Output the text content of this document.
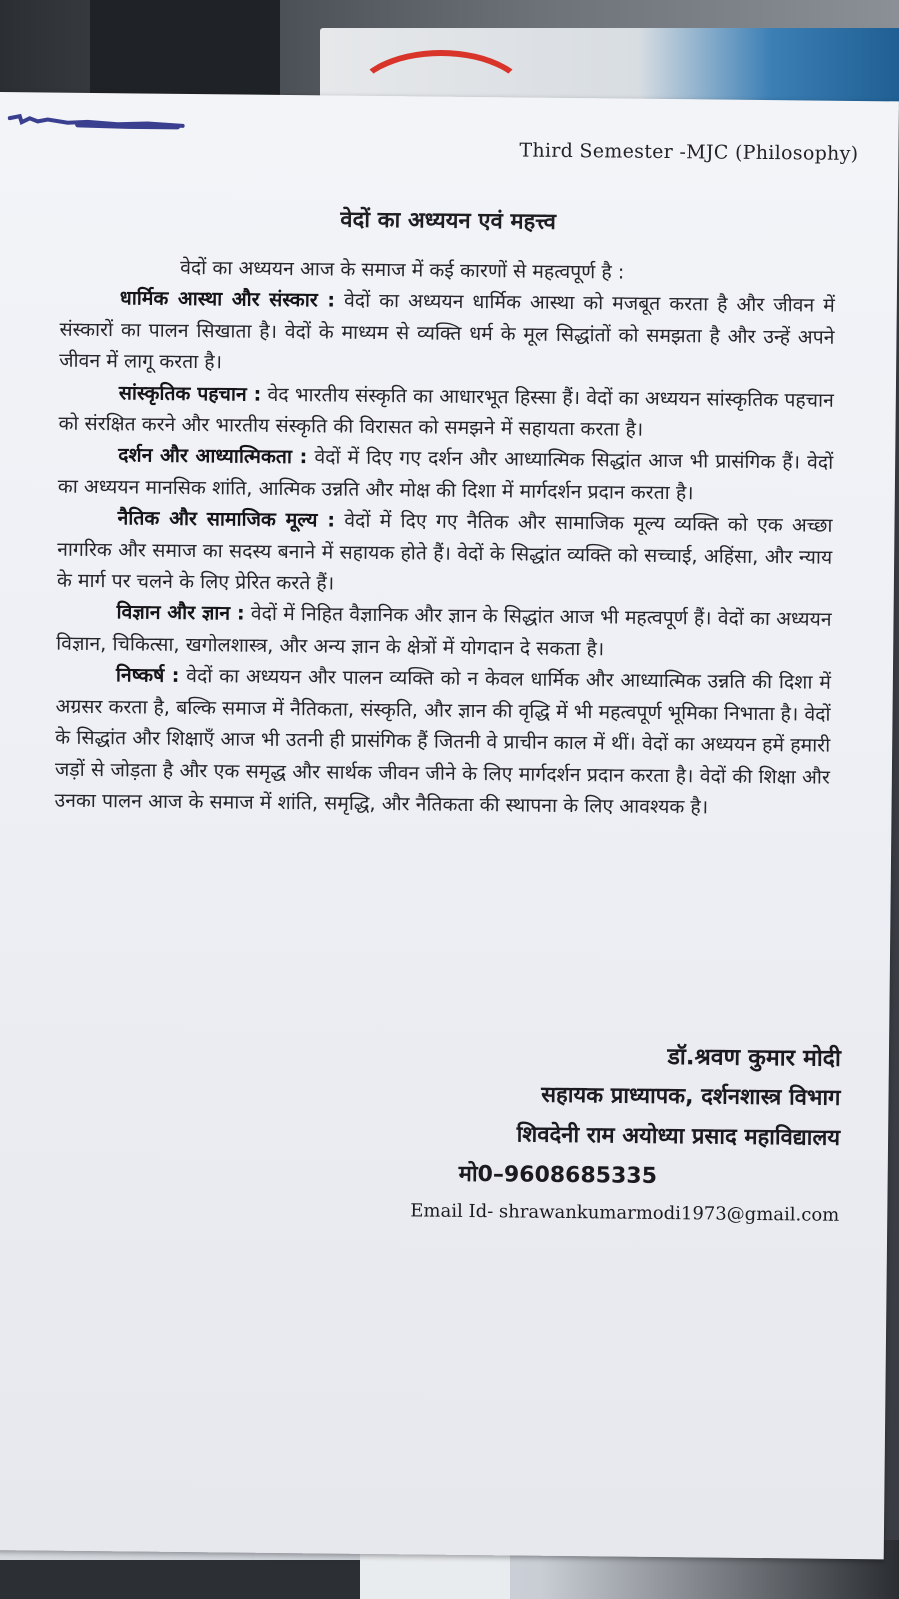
Third Semester -MJC (Philosophy)
वेदों का अध्ययन एवं महत्त्व

वेदों का अध्ययन आज के समाज में कई कारणों से महत्वपूर्ण है :

धार्मिक आस्था और संस्कार : वेदों का अध्ययन धार्मिक आस्था को मजबूत करता है और जीवन में संस्कारों का पालन सिखाता है। वेदों के माध्यम से व्यक्ति धर्म के मूल सिद्धांतों को समझता है और उन्हें अपने जीवन में लागू करता है।

सांस्कृतिक पहचान : वेद भारतीय संस्कृति का आधारभूत हिस्सा हैं। वेदों का अध्ययन सांस्कृतिक पहचान को संरक्षित करने और भारतीय संस्कृति की विरासत को समझने में सहायता करता है।

दर्शन और आध्यात्मिकता : वेदों में दिए गए दर्शन और आध्यात्मिक सिद्धांत आज भी प्रासंगिक हैं। वेदों का अध्ययन मानसिक शांति, आत्मिक उन्नति और मोक्ष की दिशा में मार्गदर्शन प्रदान करता है।

नैतिक और सामाजिक मूल्य : वेदों में दिए गए नैतिक और सामाजिक मूल्य व्यक्ति को एक अच्छा नागरिक और समाज का सदस्य बनाने में सहायक होते हैं। वेदों के सिद्धांत व्यक्ति को सच्चाई, अहिंसा, और न्याय के मार्ग पर चलने के लिए प्रेरित करते हैं।

विज्ञान और ज्ञान : वेदों में निहित वैज्ञानिक और ज्ञान के सिद्धांत आज भी महत्वपूर्ण हैं। वेदों का अध्ययन विज्ञान, चिकित्सा, खगोलशास्त्र, और अन्य ज्ञान के क्षेत्रों में योगदान दे सकता है।

निष्कर्ष : वेदों का अध्ययन और पालन व्यक्ति को न केवल धार्मिक और आध्यात्मिक उन्नति की दिशा में अग्रसर करता है, बल्कि समाज में नैतिकता, संस्कृति, और ज्ञान की वृद्धि में भी महत्वपूर्ण भूमिका निभाता है। वेदों के सिद्धांत और शिक्षाएँ आज भी उतनी ही प्रासंगिक हैं जितनी वे प्राचीन काल में थीं। वेदों का अध्ययन हमें हमारी जड़ों से जोड़ता है और एक समृद्ध और सार्थक जीवन जीने के लिए मार्गदर्शन प्रदान करता है। वेदों की शिक्षा और उनका पालन आज के समाज में शांति, समृद्धि, और नैतिकता की स्थापना के लिए आवश्यक है।

डॉ.श्रवण कुमार मोदी
सहायक प्राध्यापक, दर्शनशास्त्र विभाग
शिवदेनी राम अयोध्या प्रसाद महाविद्यालय
मो0–9608685335
Email Id- shrawankumarmodi1973@gmail.com
